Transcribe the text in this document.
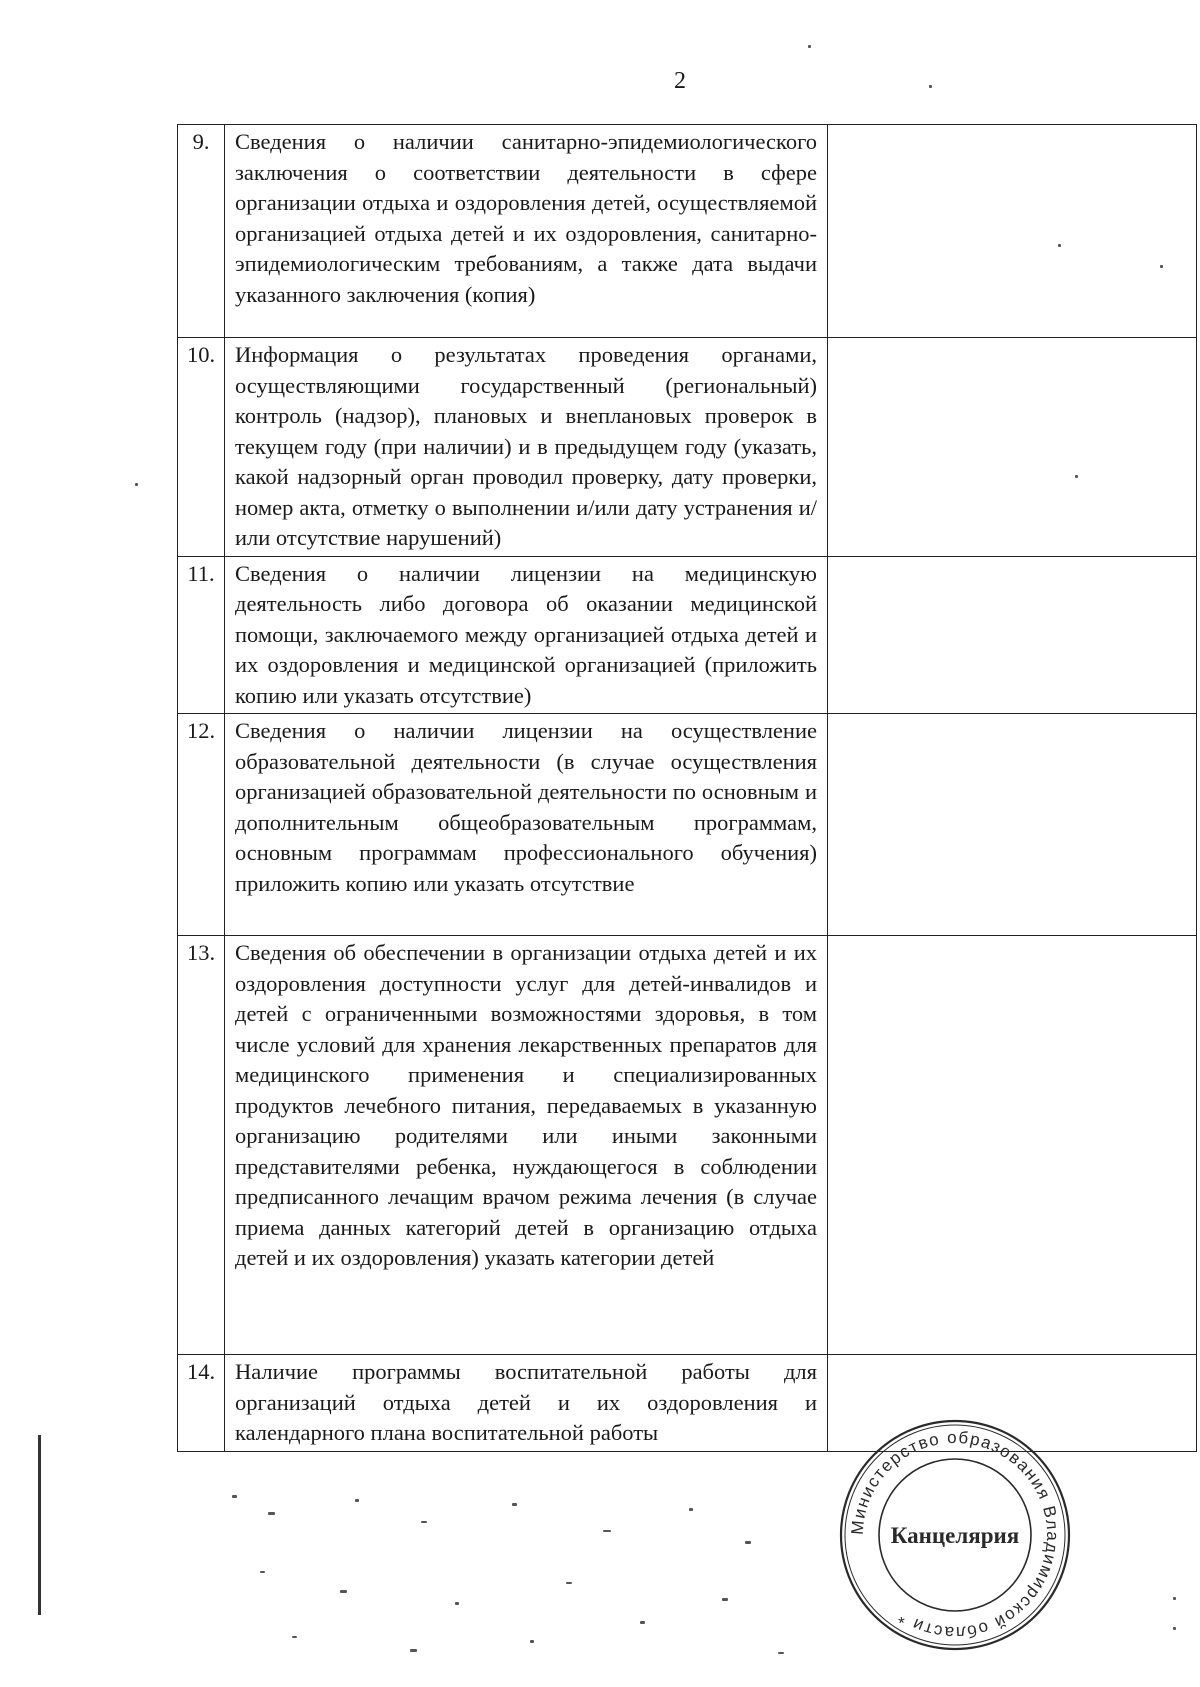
2
9.	Сведения о наличии санитарно-эпидемиологического заключения о соответствии деятельности в сфере организации отдыха и оздоровления детей, осуществляемой организацией отдыха детей и их оздоровления, санитарно-эпидемиологическим требованиям, а также дата выдачи указанного заключения (копия)	
10.	Информация о результатах проведения органами, осуществляющими государственный (региональный) контроль (надзор), плановых и внеплановых проверок в текущем году (при наличии) и в предыдущем году (указать, какой надзорный орган проводил проверку, дату проверки, номер акта, отметку о выполнении и/или дату устранения и/или отсутствие нарушений)	
11.	Сведения о наличии лицензии на медицинскую деятельность либо договора об оказании медицинской помощи, заключаемого между организацией отдыха детей и их оздоровления и медицинской организацией (приложить копию или указать отсутствие)	
12.	Сведения о наличии лицензии на осуществление образовательной деятельности (в случае осуществления организацией образовательной деятельности по основным и дополнительным общеобразовательным программам, основным программам профессионального обучения) приложить копию или указать отсутствие	
13.	Сведения об обеспечении в организации отдыха детей и их оздоровления доступности услуг для детей-инвалидов и детей с ограниченными возможностями здоровья, в том числе условий для хранения лекарственных препаратов для медицинского применения и специализированных продуктов лечебного питания, передаваемых в указанную организацию родителями или иными законными представителями ребенка, нуждающегося в соблюдении предписанного лечащим врачом режима лечения (в случае приема данных категорий детей в организацию отдыха детей и их оздоровления) указать категории детей	
14.	Наличие программы воспитательной работы для организаций отдыха детей и их оздоровления и календарного плана воспитательной работы	
Министерство образования Владимирской области *
Канцелярия
